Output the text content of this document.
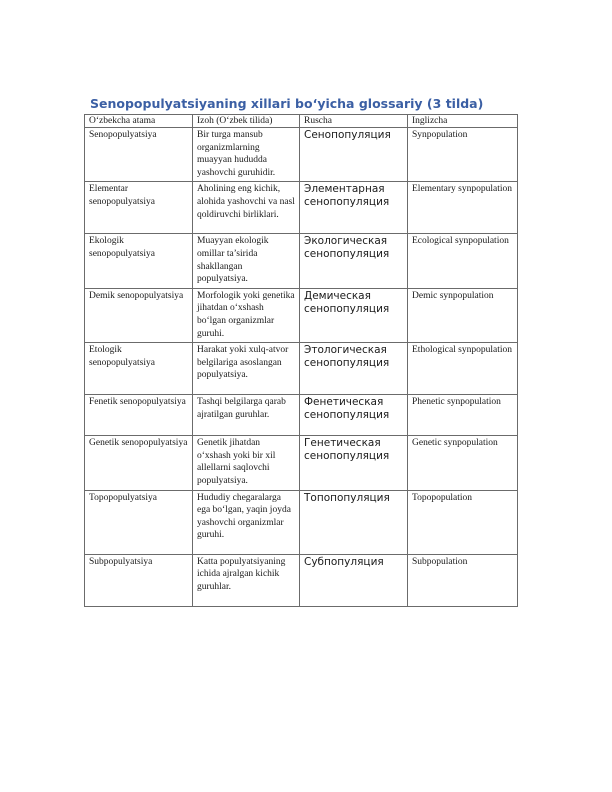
Senopopulyatsiyaning xillari bo‘yicha glossariy (3 tilda)
O‘zbekcha atama	Izoh (O‘zbek tilida)	Ruscha	Inglizcha
Senopopulyatsiya	Bir turga mansub organizmlarning muayyan hududda yashovchi guruhidir.	Сенопопуляция	Synpopulation
Elementar senopopulyatsiya	Aholining eng kichik, alohida yashovchi va nasl qoldiruvchi birliklari.	Элементарная сенопопуляция	Elementary synpopulation
Ekologik senopopulyatsiya	Muayyan ekologik omillar ta’sirida shakllangan populyatsiya.	Экологическая сенопопуляция	Ecological synpopulation
Demik senopopulyatsiya	Morfologik yoki genetika jihatdan o‘xshash bo‘lgan organizmlar guruhi.	Демическая сенопопуляция	Demic synpopulation
Etologik senopopulyatsiya	Harakat yoki xulq-atvor belgilariga asoslangan populyatsiya.	Этологическая сенопопуляция	Ethological synpopulation
Fenetik senopopulyatsiya	Tashqi belgilarga qarab ajratilgan guruhlar.	Фенетическая сенопопуляция	Phenetic synpopulation
Genetik senopopulyatsiya	Genetik jihatdan o‘xshash yoki bir xil allellarni saqlovchi populyatsiya.	Генетическая сенопопуляция	Genetic synpopulation
Topopopulyatsiya	Hududiy chegaralarga ega bo‘lgan, yaqin joyda yashovchi organizmlar guruhi.	Топопопуляция	Topopopulation
Subpopulyatsiya	Katta populyatsiyaning ichida ajralgan kichik guruhlar.	Субпопуляция	Subpopulation
